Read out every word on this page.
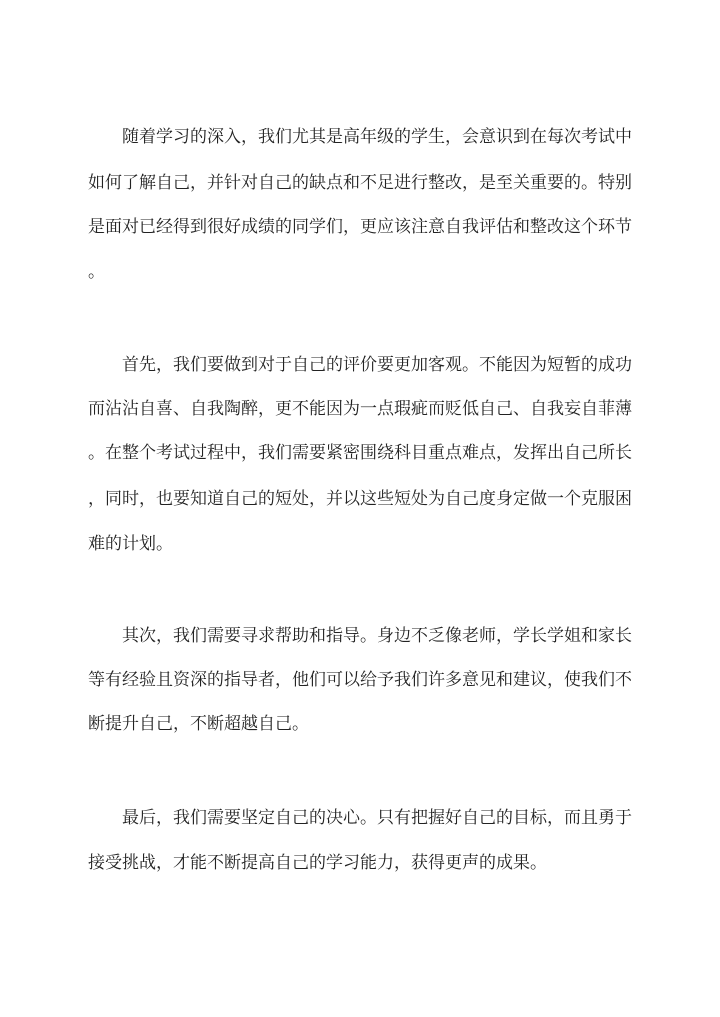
随着学习的深入，我们尤其是高年级的学生，会意识到在每次考试中
如何了解自己，并针对自己的缺点和不足进行整改，是至关重要的。特别
是面对已经得到很好成绩的同学们，更应该注意自我评估和整改这个环节
。
首先，我们要做到对于自己的评价要更加客观。不能因为短暂的成功
而沾沾自喜、自我陶醉，更不能因为一点瑕疵而贬低自己、自我妄自菲薄
。在整个考试过程中，我们需要紧密围绕科目重点难点，发挥出自己所长
，同时，也要知道自己的短处，并以这些短处为自己度身定做一个克服困
难的计划。
其次，我们需要寻求帮助和指导。身边不乏像老师，学长学姐和家长
等有经验且资深的指导者，他们可以给予我们许多意见和建议，使我们不
断提升自己，不断超越自己。
最后，我们需要坚定自己的决心。只有把握好自己的目标，而且勇于
接受挑战，才能不断提高自己的学习能力，获得更声的成果。
